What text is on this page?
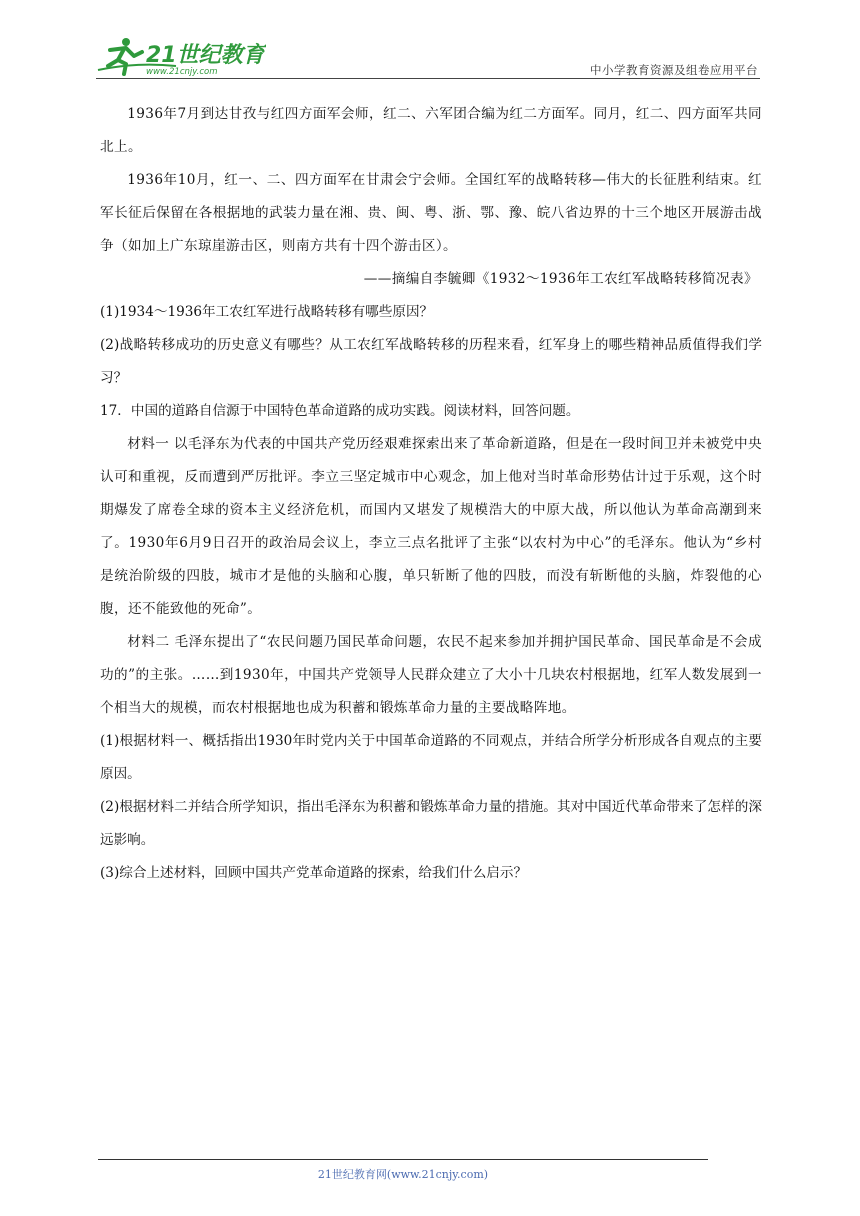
21世纪教育
www.21cnjy.com	中小学教育资源及组卷应用平台

1936年7月到达甘孜与红四方面军会师，红二、六军团合编为红二方面军。同月，红二、四方面军共同北上。

1936年10月，红一、二、四方面军在甘肃会宁会师。全国红军的战略转移—伟大的长征胜利结束。红军长征后保留在各根据地的武装力量在湘、贵、闽、粤、浙、鄂、豫、皖八省边界的十三个地区开展游击战争（如加上广东琼崖游击区，则南方共有十四个游击区）。

——摘编自李毓卿《1932～1936年工农红军战略转移简况表》

(1)1934～1936年工农红军进行战略转移有哪些原因？

(2)战略转移成功的历史意义有哪些？从工农红军战略转移的历程来看，红军身上的哪些精神品质值得我们学习？

17．中国的道路自信源于中国特色革命道路的成功实践。阅读材料，回答问题。

材料一 以毛泽东为代表的中国共产党历经艰难探索出来了革命新道路，但是在一段时间卫并未被党中央认可和重视，反而遭到严厉批评。李立三坚定城市中心观念，加上他对当时革命形势估计过于乐观，这个时期爆发了席卷全球的资本主义经济危机，而国内又堪发了规模浩大的中原大战，所以他认为革命高潮到来了。1930年6月9日召开的政治局会议上，李立三点名批评了主张“以农村为中心”的毛泽东。他认为“乡村是统治阶级的四肢，城市才是他的头脑和心腹，单只斩断了他的四肢，而没有斩断他的头脑，炸裂他的心腹，还不能致他的死命”。

材料二 毛泽东提出了“农民问题乃国民革命问题，农民不起来参加并拥护国民革命、国民革命是不会成功的”的主张。……到1930年，中国共产党领导人民群众建立了大小十几块农村根据地，红军人数发展到一个相当大的规模，而农村根据地也成为积蓄和锻炼革命力量的主要战略阵地。

(1)根据材料一、概括指出1930年时党内关于中国革命道路的不同观点，并结合所学分析形成各自观点的主要原因。

(2)根据材料二并结合所学知识，指出毛泽东为积蓄和锻炼革命力量的措施。其对中国近代革命带来了怎样的深远影响。

(3)综合上述材料，回顾中国共产党革命道路的探索，给我们什么启示？

21世纪教育网(www.21cnjy.com)
